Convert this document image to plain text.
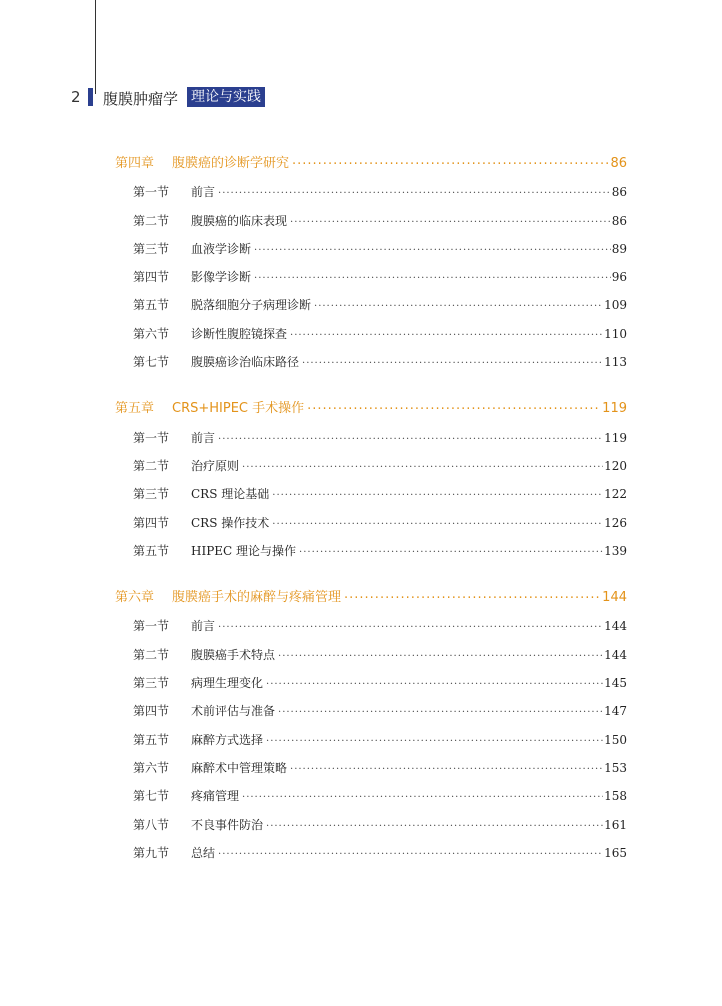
2 腹膜肿瘤学 理论与实践
第四章	腹膜癌的诊断学研究 .....	86
第一节	前言 .....	86
第二节	腹膜癌的临床表现 .....	86
第三节	血液学诊断 .....	89
第四节	影像学诊断 .....	96
第五节	脱落细胞分子病理诊断 .....	109
第六节	诊断性腹腔镜探查 .....	110
第七节	腹膜癌诊治临床路径 .....	113
第五章	CRS+HIPEC 手术操作 .....	119
第一节	前言 .....	119
第二节	治疗原则 .....	120
第三节	CRS 理论基础 .....	122
第四节	CRS 操作技术 .....	126
第五节	HIPEC 理论与操作 .....	139
第六章	腹膜癌手术的麻醉与疼痛管理 .....	144
第一节	前言 .....	144
第二节	腹膜癌手术特点 .....	144
第三节	病理生理变化 .....	145
第四节	术前评估与准备 .....	147
第五节	麻醉方式选择 .....	150
第六节	麻醉术中管理策略 .....	153
第七节	疼痛管理 .....	158
第八节	不良事件防治 .....	161
第九节	总结 .....	165
